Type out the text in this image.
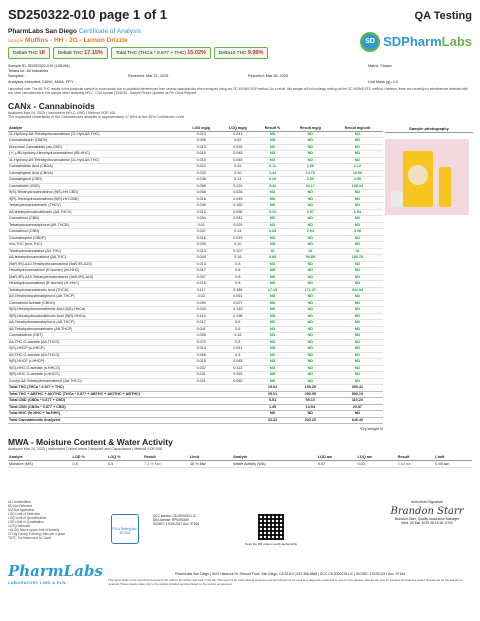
SD250322-010 page 1 of 1	QA Testing
PharmLabs San Diego Certificate of Analysis
Sample Muffins - HH - 2G - Lemon Drizzle
Delta9 THC UI	Delta8 THC 17.15%	Total THC (THCa * 0.877 + THC) 15.02%	Delta10 THC 9.99%
SD SDPharmLabs
Sample ID: SD250322-010 (158156)	Matrix: Flower
Tested for: All Industries
Sampled: -	Received: Mar 21, 2025	Reported: Mar 26, 2025
Analyses executed: CANX, MWA, PPY	Unit Mass (g): 2.0
Laboratory note: The AB THC results in this particular sample is inconclusive due to potential interferences from several cannabinoids when analyzed using our GC-MS/MS SOP method. As a result, this sample will not undergo testing via the GC MS/MS EPC method. However, there are currently no interferences detected with any other cannabinoids in this sample when analyzing HPLC. COA Update (3/26/25) - Sample Picture Updated as Per Client Request
CANx - Cannabinoids
Analyzed Mar 24, 2025 | Instrument HPLC-VWD | Method SOP-001
The expanded Uncertainty of the Cannabinoids analysis is approximately ±7.89% at the 95% Confidence Level
Analyte	LOD mg/g	LOQ mg/g	Result %	Result mg/g	Result mg/unit
11-Hydroxy-Δ8-Tetrahydrocannabinol (11-Hyd-Δ8-THC)	0.013	0.041	ND	ND	ND
Cannabidivarin (CBDV)	0.006	0.02	ND	ND	ND
Abnormal Cannabidiol (ab-CBD)	0.013	0.039	ND	ND	ND
(+/-)-9B-hydroxy-Hexahydrocannabinol (9B-HHC)	0.015	0.045	ND	ND	ND
11-Hydroxy-Δ9-Tetrahydrocannabinol (11-Hyd-Δ9-THC)	0.015	0.045	ND	ND	ND
Cannabidiolic Acid (CBDA)	0.023	0.15	0.11	1.56	2.12
Cannabigerol Acid (CBGA)	0.033	0.10	1.44	14.76	29.56
Cannabigerol (CBG)	0.048	0.14	0.25	2.50	4.95
Cannabidiol (CBD)	0.069	0.229	5.42	54.17	108.34
9(S)-Tetrahydrocannabinol (9(S)-HH CBD)	0.008	0.026	ND	ND	ND
9(R)-Tetrahydrocannabinol (9(R)-HH CBD)	0.016	0.049	ND	ND	ND
Tetrahydrocannabivarin (THCV)	0.049	0.162	ND	ND	ND
Δ8-tetrahydrocannabivarin (Δ8-THCV)	0.012	0.036	0.10	0.97	1.94
Cannabinol (CBN)	0.004	0.042	ND	ND	ND
Tetrahydrocannabiphorol (Δ9-THCB)	0.01	0.029	ND	ND	ND
Cannabinol (CBN)	0.047	0.14	0.28	2.04	4.08
Cannabicyclol (CBDP)	0.016	0.049	ND	ND	ND
exo-THC (exo-THC)	0.000	0.10	ND	ND	ND
Tetrahydrocannabinol (Δ9-THC)	0.013	0.107	UI	UI	UI
Δ8-tetrahydrocannabinol (Δ8-THC)	0.044	0.16	9.98	99.89	199.78
(9aR,9S)-Δ10-Tetrahydrocannabinol (9aR,9S-Δ10)	0.013	0.8	ND	ND	ND
Hexahydrocannabinol (S Isomer) (9s-HHC)	0.017	0.8	ND	ND	ND
(9aR,9R)-Δ10-Tetrahydrocannabinol (9aR,9R)-Δ10)	0.007	0.8	ND	ND	ND
Hexahydrocannabinol (R Isomer) (9r-HHC)	0.016	0.8	ND	ND	ND
Tetrahydrocannabinolic Acid (THCA)	0.117	0.389	17.15	171.37	342.54
Δ9-Tetrahydrocannabiphorol (Δ9-THCP)	0.02	0.061	ND	ND	ND
Cannabinol Acetate (CBNO)	0.009	0.027	ND	ND	ND
9(S)-Hexahydrocannabinolic Acid (9(S)-HHCa)	0.043	0.140	ND	ND	ND
9(R)-Hexahydrocannabinolic Acid (9(R)-HHCa)	0.110	0.198	ND	ND	ND
Δ8-Tetrahydrocannabiphorol (Δ8-THCP)	0.017	0.6	ND	ND	ND
Δ8-Tetrahydrocannabivarin (Δ8-THCP)	0.041	0.6	ND	ND	ND
Cannabicitran (CBT)	0.005	0.16	ND	ND	ND
Δ8-THC-O-acetate (Δ8-THCO)	0.070	0.8	ND	ND	ND
9(S)-HHCP (s-HHCP)	0.013	0.041	ND	ND	ND
Δ9-THC-O-acetate (Δ9-THCO)	0.066	0.8	ND	ND	ND
9(R)-HHCP (r-HHCP)	0.015	0.045	ND	ND	ND
9(S)-HHC-O-acetate (s-HHCO)	0.037	0.112	ND	ND	ND
9(R)-HHC-O-acetate (r-HHCO)	0.031	0.093	ND	ND	ND
3-octyl-Δ8-Tetrahydrocannabinol (Δ8-THCO)	0.021	0.062	ND	ND	ND
Total THC (THCa * 0.877 + THC)			15.02	150.25	300.41
Total THC + ΔBTHC + ΔIOTHC (THCa * 0.877 + ΔBTHC + ΔIOTHC + ΔBTHC)			25.01	250.09	500.19
Total CBD (CBDa * 0.877 + CBD)			5.51	55.10	110.20
Total CBG (CBGa * 0.877 + CBG)			1.49	14.94	29.87
Total HHC (9r-HHC + 9s-HHC)			ND	ND	ND
Total Cannabinoids Analyzed			32.32	323.20	646.40
*Dry Weight %
Sample photography
MWA - Moisture Content & Water Activity
Analyzed Mar 24, 2025 | Instrument Chilled-mirror Dewpoint and Capacitance | Method SOP-008
Analyte	LOD %	LOQ %	Result	Limit	Analyte	LOD aw	LOQ aw	Result	Limit
Moisture (MS)	0.5	0.5	7.2 % Mw	15 % Mw	Water Activity (WA)	0.07	0.03	0.52 aw	0.65 aw
ULI Unidentified
ND Not Detected
N/A Not Applicable
LOD Limit of Detection
LOQ Limit of Quantification
LOD Limit of Quantitation
<LOQ Detected
>ULOQ Above upper limit of linearity
CFU/g Colony Forming Units per 1 gram
TNTC Too Numerous to Count
PJLA Testing Acc. #97043
DCC license: C8-0000019-LIC
DEA license: RP0491549
ISO/IEC 17025:2017 Acc. 97164
Scan the QR code to verify authenticity
Authorized Signature
Brandon Starr
Brandon Starr, Quality Assurance Manager
Wed, 26 Mar 2025 08:19:18 -0700
PharmLabs
LABORATORY LIMS & ELN
PharmLabs San Diego | 3421 Hancock St. Second Floor, San Diego, CA 92110 | 619.356.6868 | DCC C8-0000019-LIC | ISO/IEC 17025:2017 Acc. 97164
This report shall not be reproduced except in full, without the written approval of the lab. This report is for informational purposes only and should not be used as a diagnosis, treatment or cure for any disease. Results are only for samples and batches tested. Results are for the sample as received. These results relate only to the sample included and are based on the sample as received.
